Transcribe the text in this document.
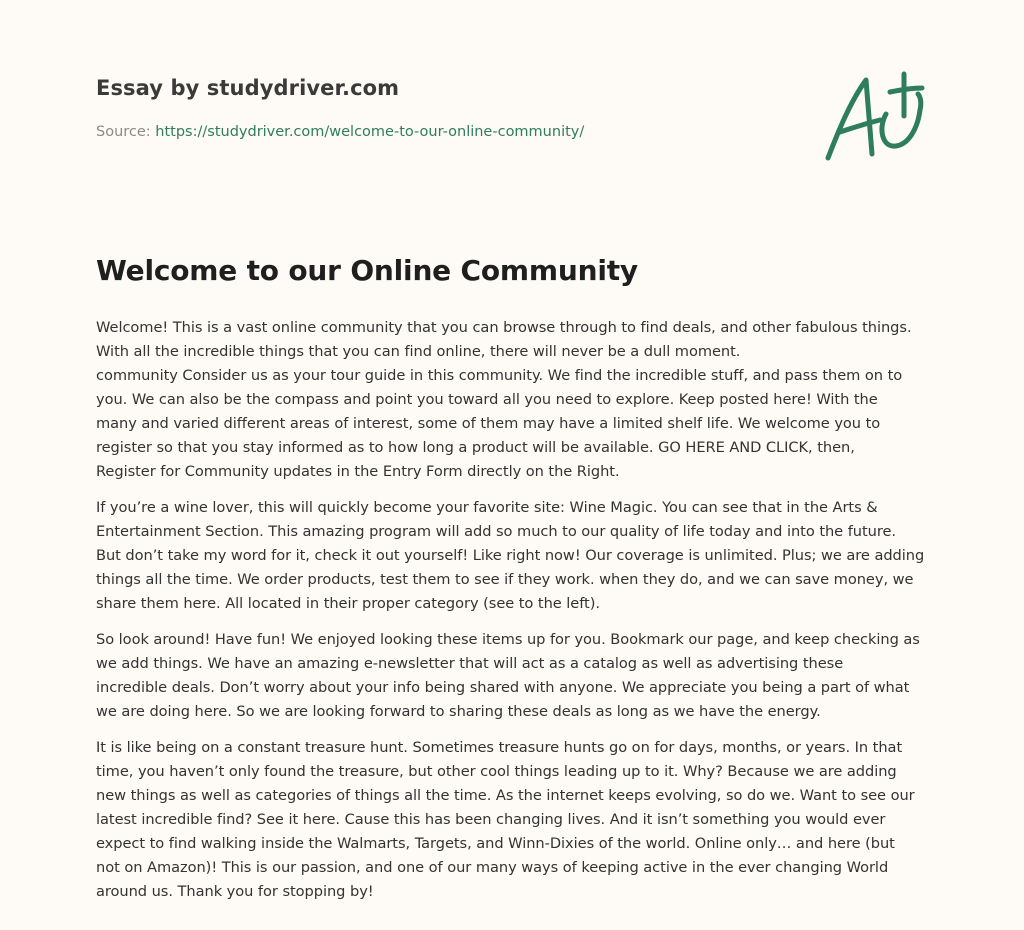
Essay by studydriver.com
Source: https://studydriver.com/welcome-to-our-online-community/
Welcome to our Online Community

Welcome! This is a vast online community that you can browse through to find deals, and other fabulous things.
With all the incredible things that you can find online, there will never be a dull moment.
community Consider us as your tour guide in this community. We find the incredible stuff, and pass them on to
you. We can also be the compass and point you toward all you need to explore. Keep posted here! With the
many and varied different areas of interest, some of them may have a limited shelf life. We welcome you to
register so that you stay informed as to how long a product will be available. GO HERE AND CLICK, then,
Register for Community updates in the Entry Form directly on the Right.

If you’re a wine lover, this will quickly become your favorite site: Wine Magic. You can see that in the Arts &
Entertainment Section. This amazing program will add so much to our quality of life today and into the future.
But don’t take my word for it, check it out yourself! Like right now! Our coverage is unlimited. Plus; we are adding
things all the time. We order products, test them to see if they work. when they do, and we can save money, we
share them here. All located in their proper category (see to the left).

So look around! Have fun! We enjoyed looking these items up for you. Bookmark our page, and keep checking as
we add things. We have an amazing e-newsletter that will act as a catalog as well as advertising these
incredible deals. Don’t worry about your info being shared with anyone. We appreciate you being a part of what
we are doing here. So we are looking forward to sharing these deals as long as we have the energy.

It is like being on a constant treasure hunt. Sometimes treasure hunts go on for days, months, or years. In that
time, you haven’t only found the treasure, but other cool things leading up to it. Why? Because we are adding
new things as well as categories of things all the time. As the internet keeps evolving, so do we. Want to see our
latest incredible find? See it here. Cause this has been changing lives. And it isn’t something you would ever
expect to find walking inside the Walmarts, Targets, and Winn-Dixies of the world. Online only… and here (but
not on Amazon)! This is our passion, and one of our many ways of keeping active in the ever changing World
around us. Thank you for stopping by!
